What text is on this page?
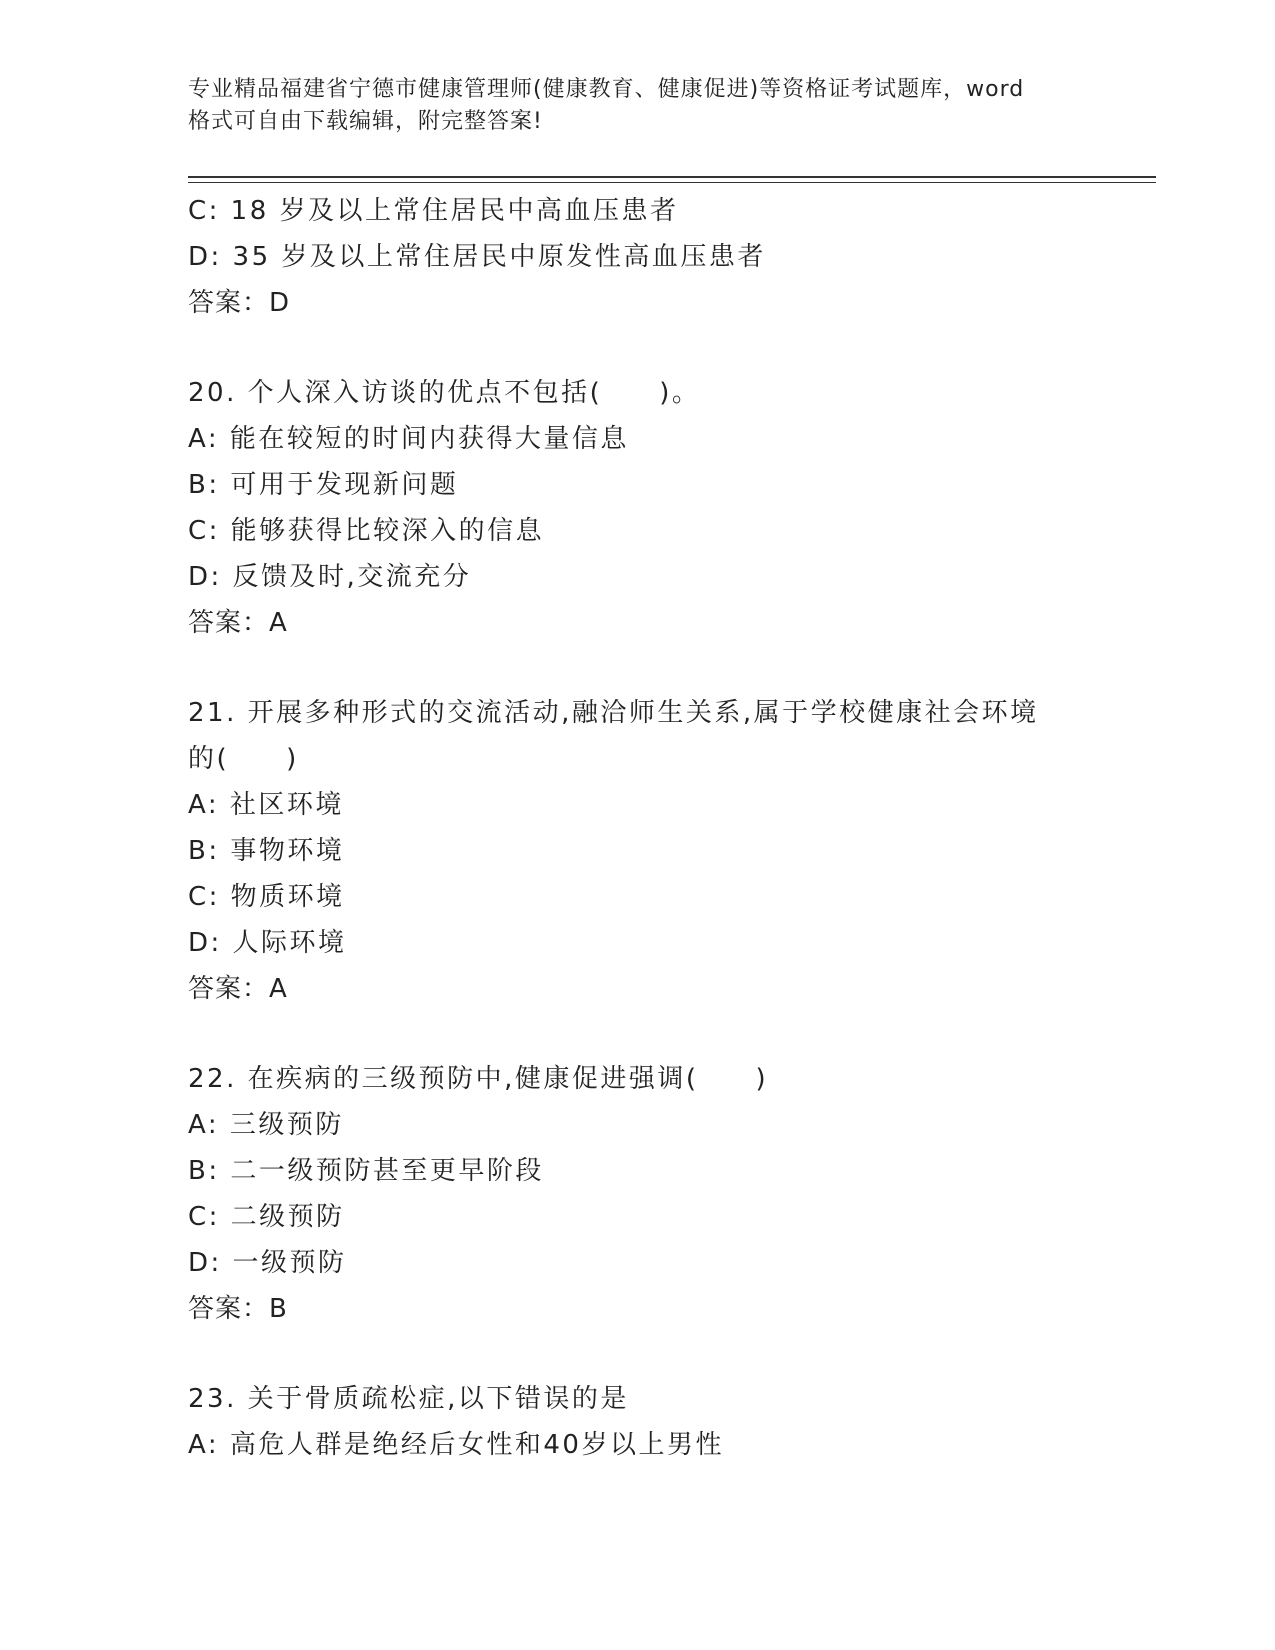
专业精品福建省宁德市健康管理师(健康教育、健康促进)等资格证考试题库，word
格式可自由下载编辑，附完整答案!
C: 18 岁及以上常住居民中高血压患者
D: 35 岁及以上常住居民中原发性高血压患者
答案：D
20. 个人深入访谈的优点不包括(　　)。
A: 能在较短的时间内获得大量信息
B: 可用于发现新问题
C: 能够获得比较深入的信息
D: 反馈及时,交流充分
答案：A
21. 开展多种形式的交流活动,融洽师生关系,属于学校健康社会环境
的(　　)
A: 社区环境
B: 事物环境
C: 物质环境
D: 人际环境
答案：A
22. 在疾病的三级预防中,健康促进强调(　　)
A: 三级预防
B: 二一级预防甚至更早阶段
C: 二级预防
D: 一级预防
答案：B
23. 关于骨质疏松症,以下错误的是
A: 高危人群是绝经后女性和40岁以上男性
